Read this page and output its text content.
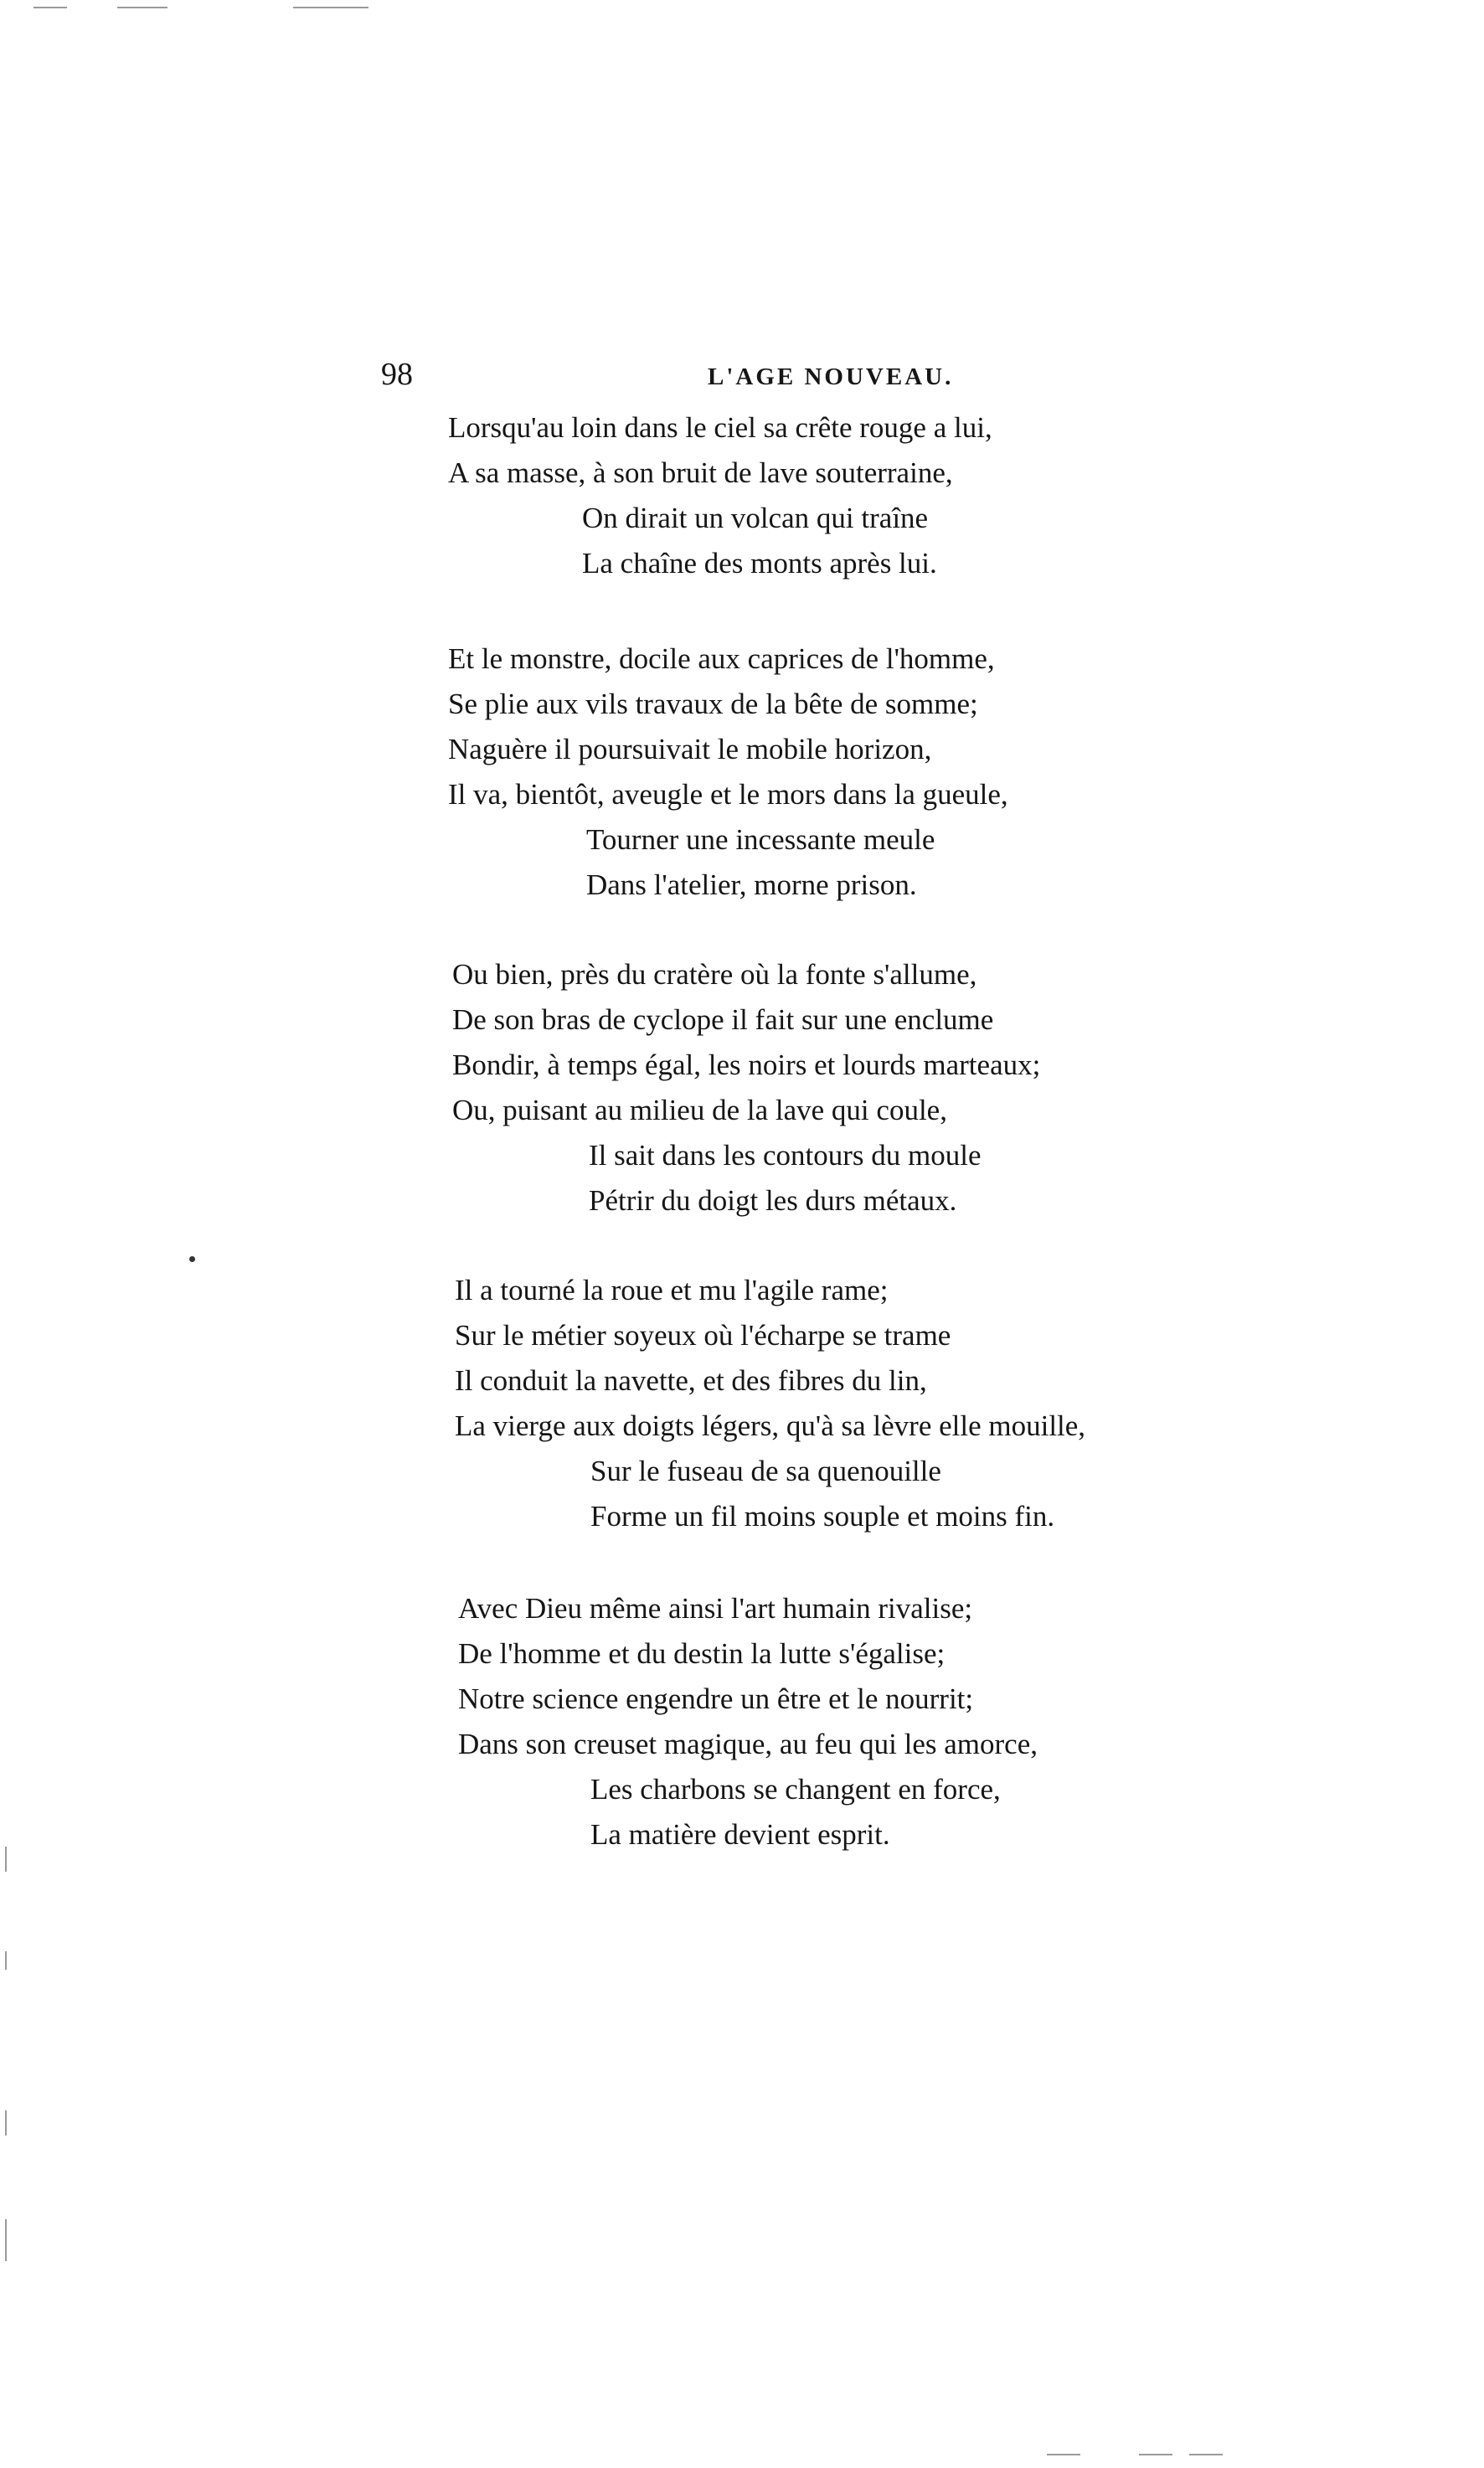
98	L'AGE NOUVEAU.
Lorsqu'au loin dans le ciel sa crête rouge a lui,
A sa masse, à son bruit de lave souterraine,
On dirait un volcan qui traîne
La chaîne des monts après lui.
Et le monstre, docile aux caprices de l'homme,
Se plie aux vils travaux de la bête de somme;
Naguère il poursuivait le mobile horizon,
Il va, bientôt, aveugle et le mors dans la gueule,
Tourner une incessante meule
Dans l'atelier, morne prison.
Ou bien, près du cratère où la fonte s'allume,
De son bras de cyclope il fait sur une enclume
Bondir, à temps égal, les noirs et lourds marteaux;
Ou, puisant au milieu de la lave qui coule,
Il sait dans les contours du moule
Pétrir du doigt les durs métaux.
Il a tourné la roue et mu l'agile rame;
Sur le métier soyeux où l'écharpe se trame
Il conduit la navette, et des fibres du lin,
La vierge aux doigts légers, qu'à sa lèvre elle mouille,
Sur le fuseau de sa quenouille
Forme un fil moins souple et moins fin.
Avec Dieu même ainsi l'art humain rivalise;
De l'homme et du destin la lutte s'égalise;
Notre science engendre un être et le nourrit;
Dans son creuset magique, au feu qui les amorce,
Les charbons se changent en force,
La matière devient esprit.
